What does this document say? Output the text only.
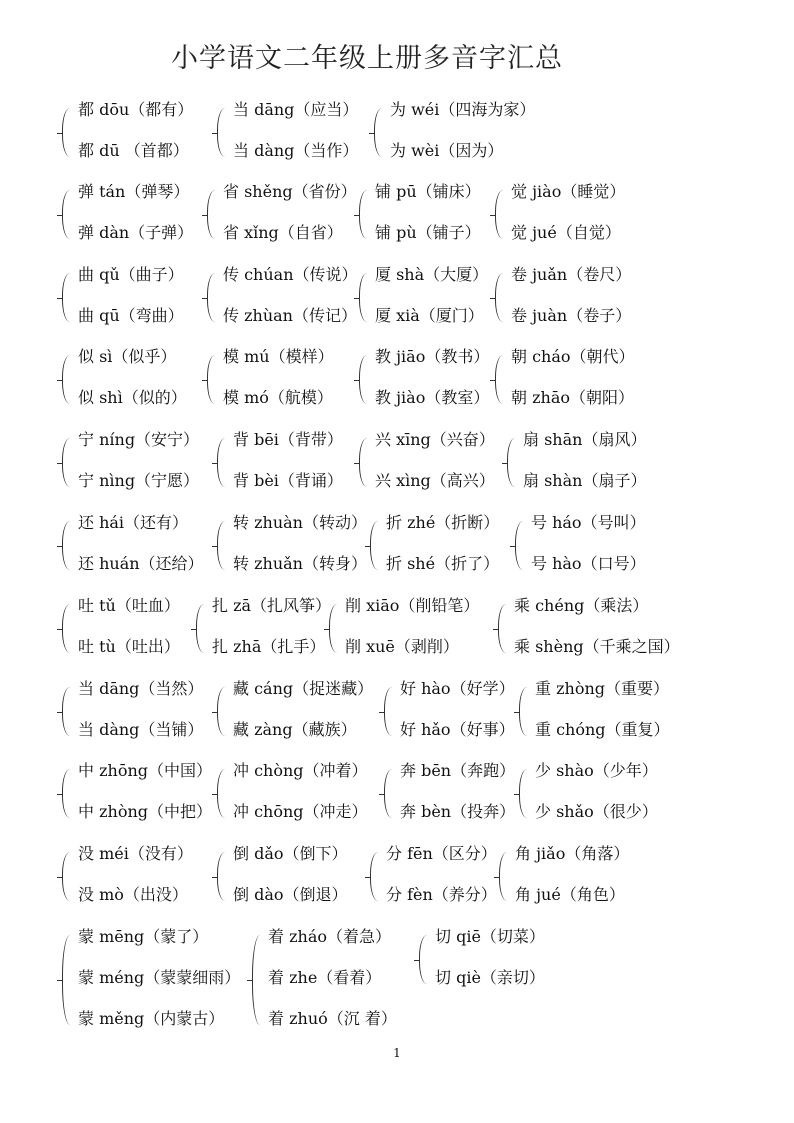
小学语文二年级上册多音字汇总
都 dōu（都有）
都 dū （首都）
当 dāng（应当）
当 dàng（当作）
为 wéi（四海为家）
为 wèi（因为）
弹 tán（弹琴）
弹 dàn（子弹）
省 shěng（省份）
省 xǐng（自省）
铺 pū（铺床）
铺 pù（铺子）
觉 jiào（睡觉）
觉 jué（自觉）
曲 qǔ（曲子）
曲 qū（弯曲）
传 chúan（传说）
传 zhùan（传记）
厦 shà（大厦）
厦 xià（厦门）
卷 juǎn（卷尺）
卷 juàn（卷子）
似 sì（似乎）
似 shì（似的）
模 mú（模样）
模 mó（航模）
教 jiāo（教书）
教 jiào（教室）
朝 cháo（朝代）
朝 zhāo（朝阳）
宁 níng（安宁）
宁 nìng（宁愿）
背 bēi（背带）
背 bèi（背诵）
兴 xīng（兴奋）
兴 xìng（高兴）
扇 shān（扇风）
扇 shàn（扇子）
还 hái（还有）
还 huán（还给）
转 zhuàn（转动）
转 zhuǎn（转身）
折 zhé（折断）
折 shé（折了）
号 háo（号叫）
号 hào（口号）
吐 tǔ（吐血）
吐 tù（吐出）
扎 zā（扎风筝）
扎 zhā（扎手）
削 xiāo（削铅笔）
削 xuē（剥削）
乘 chéng（乘法）
乘 shèng（千乘之国）
当 dāng（当然）
当 dàng（当铺）
藏 cáng（捉迷藏）
藏 zàng（藏族）
好 hào（好学）
好 hǎo（好事）
重 zhòng（重要）
重 chóng（重复）
中 zhōng（中国）
中 zhòng（中把）
冲 chòng（冲着）
冲 chōng（冲走）
奔 bēn（奔跑）
奔 bèn（投奔）
少 shào（少年）
少 shǎo（很少）
没 méi（没有）
没 mò（出没）
倒 dǎo（倒下）
倒 dào（倒退）
分 fēn（区分）
分 fèn（养分）
角 jiǎo（角落）
角 jué（角色）
蒙 mēng（蒙了）
蒙 méng（蒙蒙细雨）
蒙 měng（内蒙古）
着 zháo（着急）
着 zhe（看着）
着 zhuó（沉 着）
切 qiē（切菜）
切 qiè（亲切）
1
